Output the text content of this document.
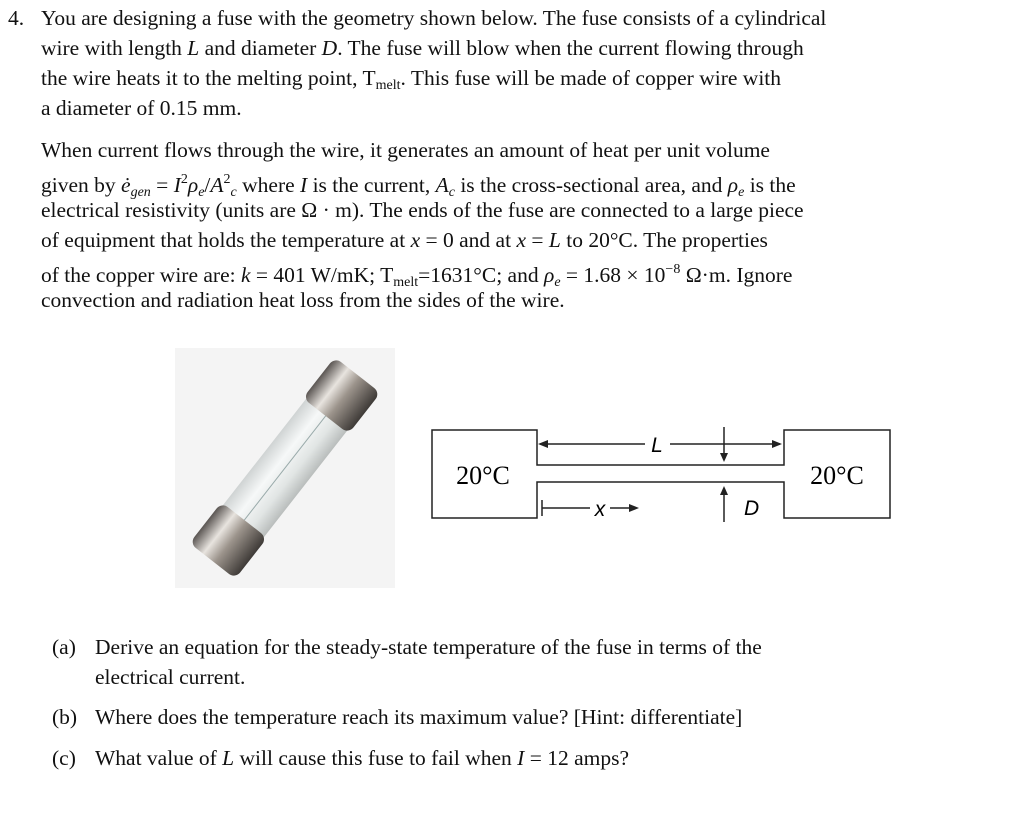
4. You are designing a fuse with the geometry shown below. The fuse consists of a cylindrical
wire with length L and diameter D. The fuse will blow when the current flowing through
the wire heats it to the melting point, $T_{melt}$. This fuse will be made of copper wire with
a diameter of 0.15 mm.
When current flows through the wire, it generates an amount of heat per unit volume
given by ėgen = $I^2\rho e/A^2c$ where I is the current, Ac is the cross-sectional area, and ρe is the
electrical resistivity (units are Ω · m). The ends of the fuse are connected to a large piece
of equipment that holds the temperature at x = 0 and at x = L to 20°C. The properties
of the copper wire are: k = 401 W/mK; $T_{melt}=1631^\circ C$; and $\rho e = 1.68 \times 10^{-8}$ Ω·m. Ignore
convection and radiation heat loss from the sides of the wire.
(a) Derive an equation for the steady-state temperature of the fuse in terms of the
electrical current.
(b) Where does the temperature reach its maximum value? [Hint: differentiate]
(c) What value of L will cause this fuse to fail when I = 12 amps?
20°C	20°C
L
D
x
